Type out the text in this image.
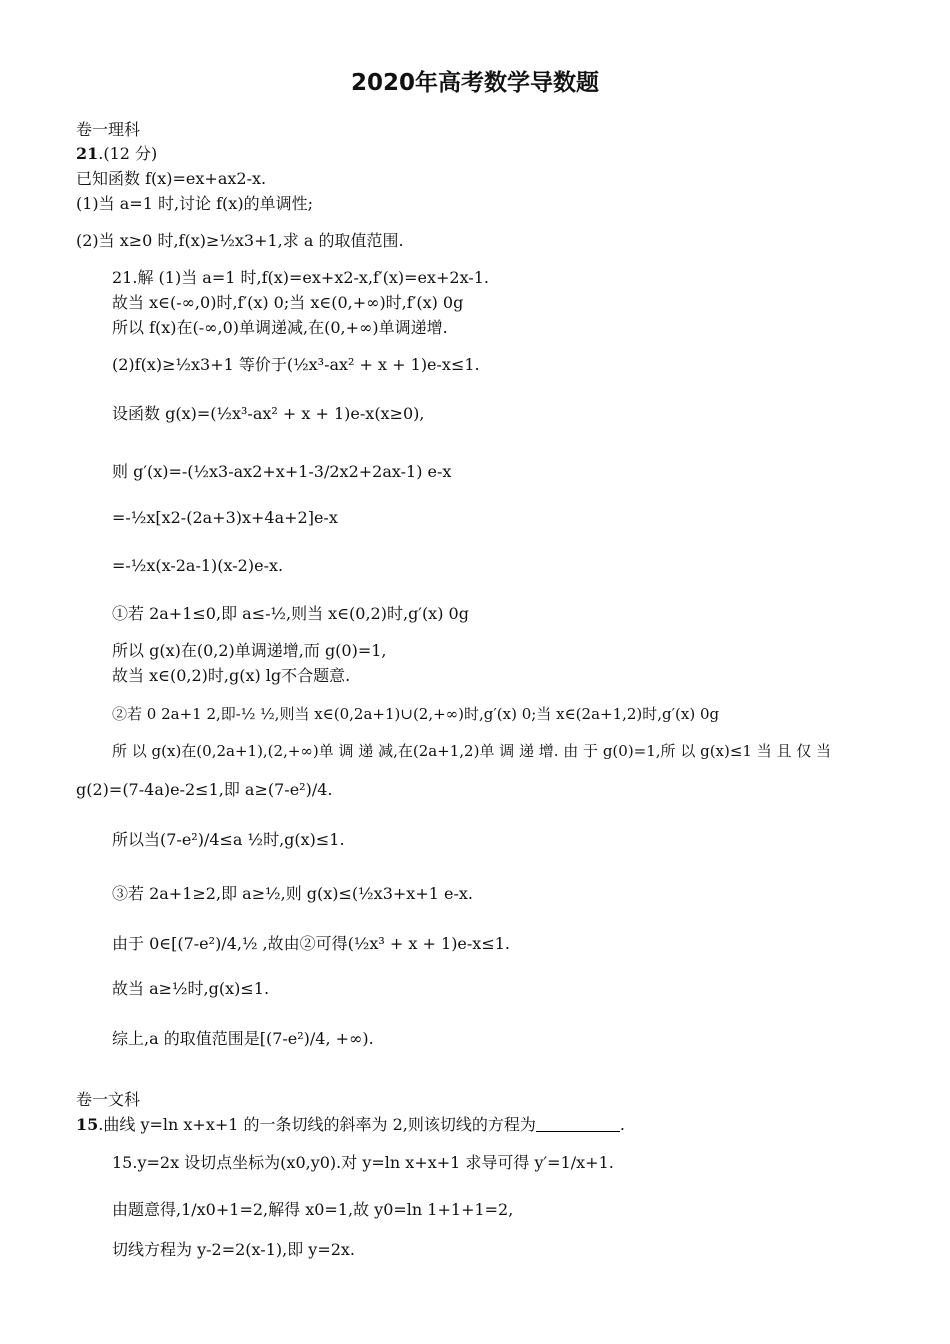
2020年高考数学导数题
卷一理科
21.(12 分)
已知函数 f(x)=ex+ax2-x.
(1)当 a=1 时,讨论 f(x)的单调性;
(2)当 x≥0 时,f(x)≥½x3+1,求 a 的取值范围.
21.解 (1)当 a=1 时,f(x)=ex+x2-x,f′(x)=ex+2x-1.
故当 x∈(-∞,0)时,f′(x) 0;当 x∈(0,+∞)时,f′(x) 0g
所以 f(x)在(-∞,0)单调递减,在(0,+∞)单调递增.
(2)f(x)≥½x3+1 等价于(½x³-ax² + x + 1)e-x≤1.
设函数 g(x)=(½x³-ax² + x + 1)e-x(x≥0),
则 g′(x)=-(½x3-ax2+x+1-3/2x2+2ax-1) e-x
=-½x[x2-(2a+3)x+4a+2]e-x
=-½x(x-2a-1)(x-2)e-x.
①若 2a+1≤0,即 a≤-½,则当 x∈(0,2)时,g′(x) 0g
所以 g(x)在(0,2)单调递增,而 g(0)=1,
故当 x∈(0,2)时,g(x) lg不合题意.
②若 0 2a+1 2,即-½ ½,则当 x∈(0,2a+1)∪(2,+∞)时,g′(x) 0;当 x∈(2a+1,2)时,g′(x) 0g
所 以 g(x)在(0,2a+1),(2,+∞)单 调 递 减,在(2a+1,2)单 调 递 增. 由 于 g(0)=1,所 以 g(x)≤1 当 且 仅 当
g(2)=(7-4a)e-2≤1,即 a≥(7-e²)/4.
所以当(7-e²)/4≤a ½时,g(x)≤1.
③若 2a+1≥2,即 a≥½,则 g(x)≤(½x3+x+1 e-x.
由于 0∈[(7-e²)/4,½ ,故由②可得(½x³ + x + 1)e-x≤1.
故当 a≥½时,g(x)≤1.
综上,a 的取值范围是[(7-e²)/4, +∞).
卷一文科
15.曲线 y=ln x+x+1 的一条切线的斜率为 2,则该切线的方程为	.
15.y=2x 设切点坐标为(x0,y0).对 y=ln x+x+1 求导可得 y′=1/x+1.
由题意得,1/x0+1=2,解得 x0=1,故 y0=ln 1+1+1=2,
切线方程为 y-2=2(x-1),即 y=2x.
